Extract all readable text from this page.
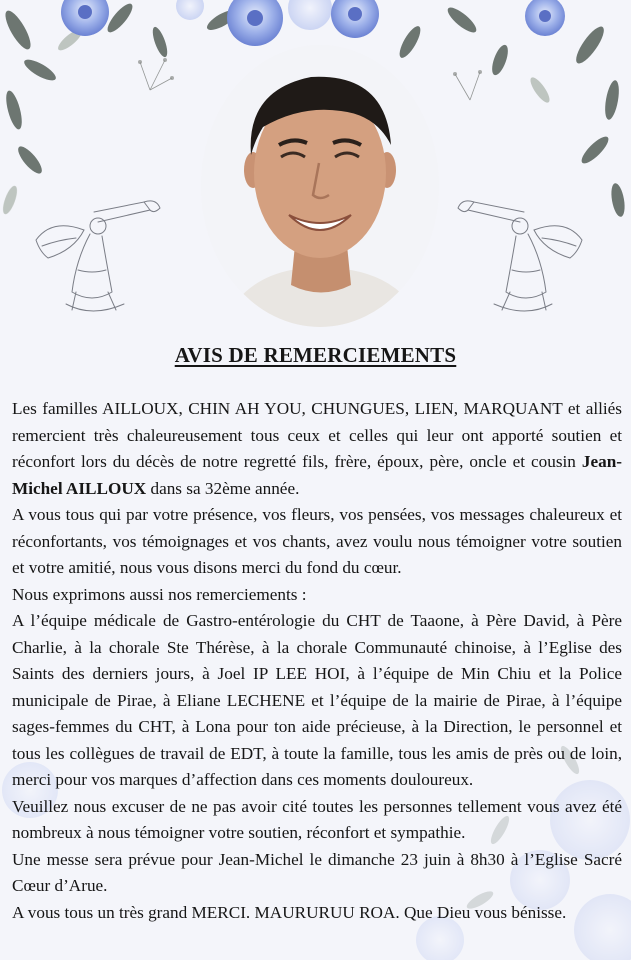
AVIS DE REMERCIEMENTS

Les familles AILLOUX, CHIN AH YOU, CHUNGUES, LIEN, MARQUANT et alliés remercient très chaleureusement tous ceux et celles qui leur ont apporté soutien et réconfort lors du décès de notre regretté fils, frère, époux, père, oncle et cousin Jean-Michel AILLOUX dans sa 32ème année.

A vous tous qui par votre présence, vos fleurs, vos pensées, vos messages chaleureux et réconfortants, vos témoignages et vos chants, avez voulu nous témoigner votre soutien et votre amitié, nous vous disons merci du fond du cœur.

Nous exprimons aussi nos remerciements :

A l’équipe médicale de Gastro-entérologie du CHT de Taaone, à Père David, à Père Charlie, à la chorale Ste Thérèse, à la chorale Communauté chinoise, à l’Eglise des Saints des derniers jours, à Joel IP LEE HOI, à l’équipe de Min Chiu et la Police municipale de Pirae, à Eliane LECHENE et l’équipe de la mairie de Pirae, à l’équipe sages-femmes du CHT, à Lona pour ton aide précieuse, à la Direction, le personnel et tous les collègues de travail de EDT, à toute la famille, tous les amis de près ou de loin, merci pour vos marques d’affection dans ces moments douloureux.

Veuillez nous excuser de ne pas avoir cité toutes les personnes tellement vous avez été nombreux à nous témoigner votre soutien, réconfort et sympathie.

Une messe sera prévue pour Jean-Michel le dimanche 23 juin à 8h30 à l’Eglise Sacré Cœur d’Arue.

A vous tous un très grand MERCI. MAURURUU ROA. Que Dieu vous bénisse.
